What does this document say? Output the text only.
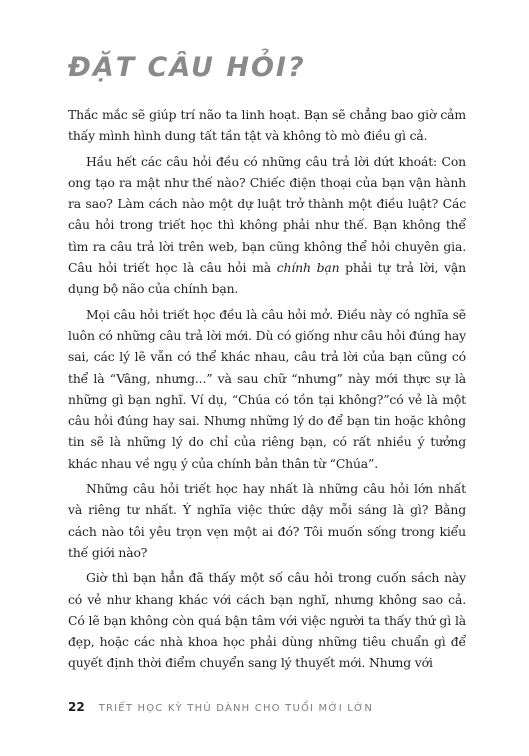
ĐẶT CÂU HỎI?

Thắc mắc sẽ giúp trí não ta linh hoạt. Bạn sẽ chẳng bao giờ cảm thấy mình hình dung tất tần tật và không tò mò điều gì cả.

Hầu hết các câu hỏi đều có những câu trả lời dứt khoát: Con ong tạo ra mật như thế nào? Chiếc điện thoại của bạn vận hành ra sao? Làm cách nào một dự luật trở thành một điều luật? Các câu hỏi trong triết học thì không phải như thế. Bạn không thể tìm ra câu trả lời trên web, bạn cũng không thể hỏi chuyên gia. Câu hỏi triết học là câu hỏi mà chính bạn phải tự trả lời, vận dụng bộ não của chính bạn.

Mọi câu hỏi triết học đều là câu hỏi mở. Điều này có nghĩa sẽ luôn có những câu trả lời mới. Dù có giống như câu hỏi đúng hay sai, các lý lẽ vẫn có thể khác nhau, câu trả lời của bạn cũng có thể là “Vâng, nhưng...” và sau chữ “nhưng” này mới thực sự là những gì bạn nghĩ. Ví dụ, “Chúa có tồn tại không?”có vẻ là một câu hỏi đúng hay sai. Nhưng những lý do để bạn tin hoặc không tin sẽ là những lý do chỉ của riêng bạn, có rất nhiều ý tưởng khác nhau về ngụ ý của chính bản thân từ “Chúa”.

Những câu hỏi triết học hay nhất là những câu hỏi lớn nhất và riêng tư nhất. Ý nghĩa việc thức dậy mỗi sáng là gì? Bằng cách nào tôi yêu trọn vẹn một ai đó? Tôi muốn sống trong kiểu thế giới nào?

Giờ thì bạn hẳn đã thấy một số câu hỏi trong cuốn sách này có vẻ như khang khác với cách bạn nghĩ, nhưng không sao cả. Có lẽ bạn không còn quá bận tâm với việc người ta thấy thứ gì là đẹp, hoặc các nhà khoa học phải dùng những tiêu chuẩn gì để quyết định thời điểm chuyển sang lý thuyết mới. Nhưng với

22 TRIẾT HỌC KỲ THÚ DÀNH CHO TUỔI MỚI LỚN
